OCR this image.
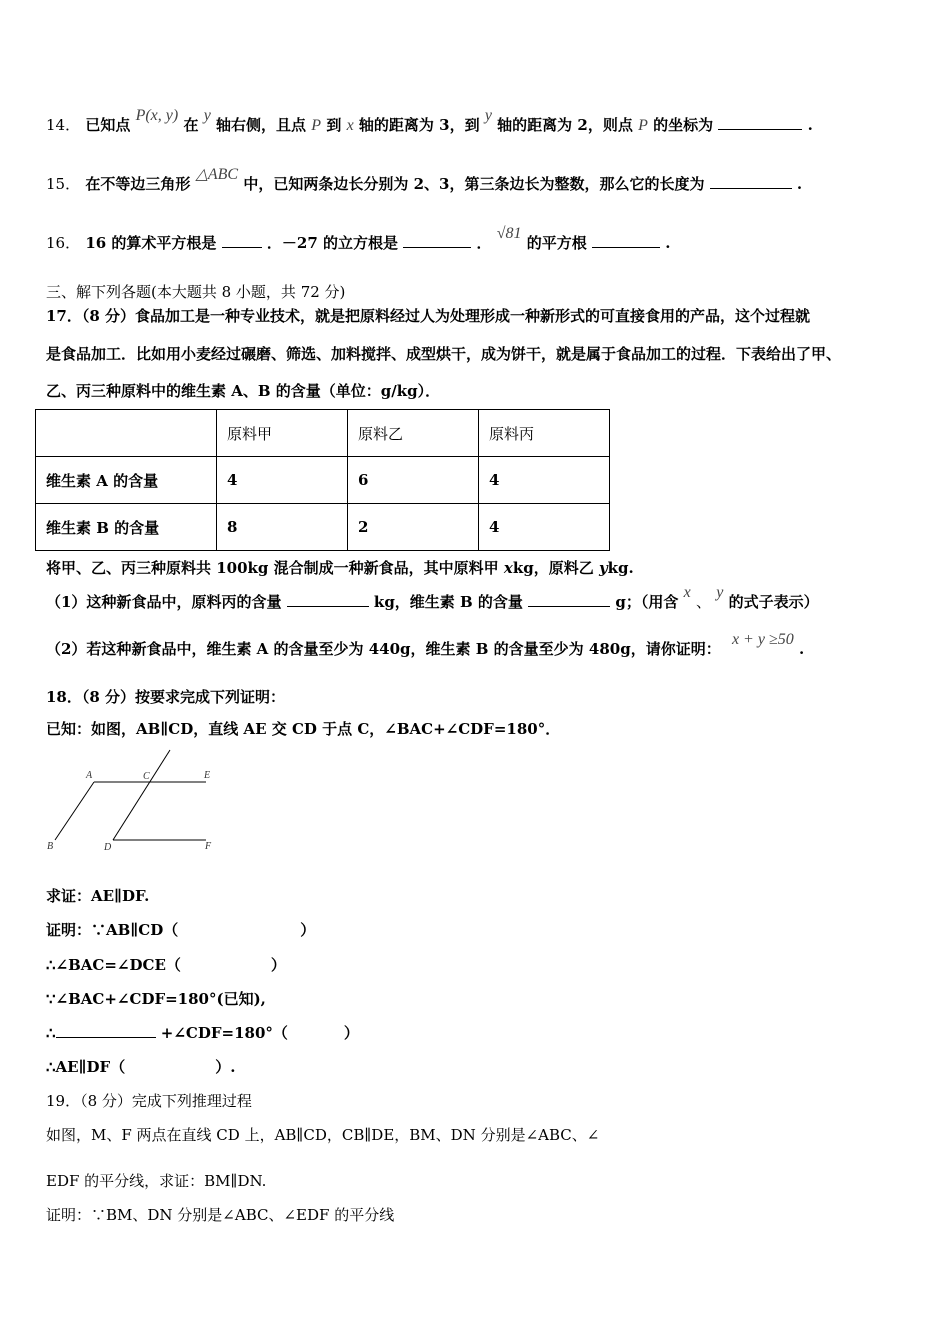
14． 已知点 P(x, y) 在 y 轴右侧，且点 P 到 x 轴的距离为 3，到 y 轴的距离为 2，则点 P 的坐标为	.
15． 在不等边三角形 △ABC 中，已知两条边长分别为 2、3，第三条边长为整数，那么它的长度为	.
16． 16 的算术平方根是	．－27 的立方根是	． √81 的平方根	.
三、解下列各题(本大题共 8 小题，共 72 分)
17．（8 分）食品加工是一种专业技术，就是把原料经过人为处理形成一种新形式的可直接食用的产品，这个过程就
是食品加工．比如用小麦经过碾磨、筛选、加料搅拌、成型烘干，成为饼干，就是属于食品加工的过程．下表给出了甲、
乙、丙三种原料中的维生素 A、B 的含量（单位：g/kg）．
	原料甲	原料乙	原料丙
维生素 A 的含量	4	6	4
维生素 B 的含量	8	2	4
将甲、乙、丙三种原料共 100kg 混合制成一种新食品，其中原料甲 xkg，原料乙 ykg.
（1）这种新食品中，原料丙的含量	kg，维生素 B 的含量	g；（用含 x 、 y 的式子表示）
（2）若这种新食品中，维生素 A 的含量至少为 440g，维生素 B 的含量至少为 480g，请你证明： x + y ≥50 .
18．（8 分）按要求完成下列证明：
已知：如图，AB∥CD，直线 AE 交 CD 于点 C，∠BAC+∠CDF=180°．
A	C	E
B	D	F
求证：AE∥DF.
证明：∵AB∥CD（	）
∴∠BAC=∠DCE（	）
∵∠BAC+∠CDF=180°(已知),
∴	+∠CDF=180°（	）
∴AE∥DF（	）.
19．（8 分）完成下列推理过程
如图，M、F 两点在直线 CD 上，AB∥CD，CB∥DE，BM、DN 分别是∠ABC、∠
EDF 的平分线，求证：BM∥DN.
证明：∵BM、DN 分别是∠ABC、∠EDF 的平分线
